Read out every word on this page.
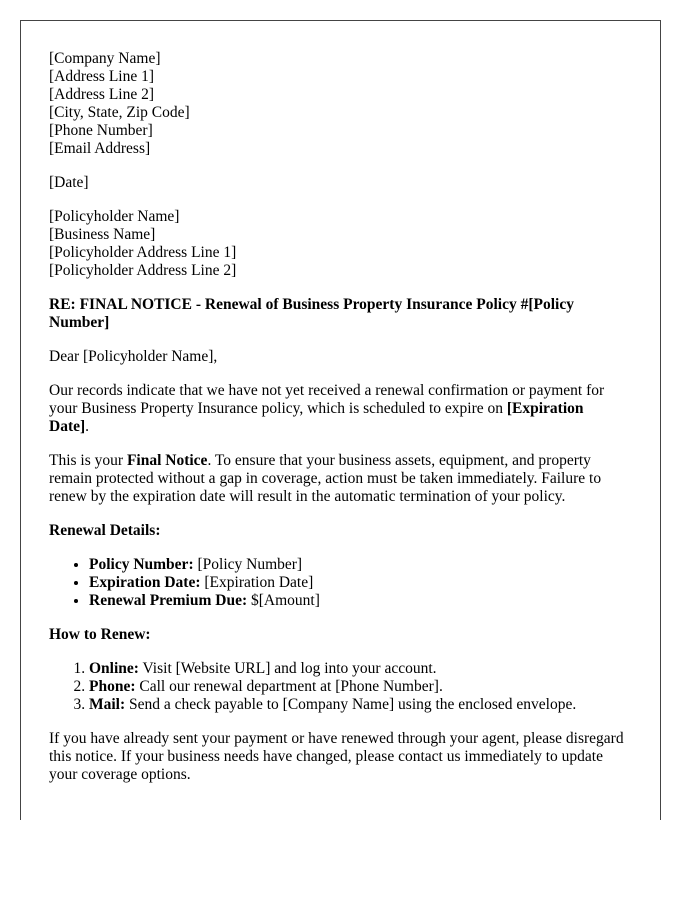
[Company Name]
[Address Line 1]
[Address Line 2]
[City, State, Zip Code]
[Phone Number]
[Email Address]

[Date]

[Policyholder Name]
[Business Name]
[Policyholder Address Line 1]
[Policyholder Address Line 2]

RE: FINAL NOTICE - Renewal of Business Property Insurance Policy #[Policy Number]

Dear [Policyholder Name],

Our records indicate that we have not yet received a renewal confirmation or payment for your Business Property Insurance policy, which is scheduled to expire on [Expiration Date].

This is your Final Notice. To ensure that your business assets, equipment, and property remain protected without a gap in coverage, action must be taken immediately. Failure to renew by the expiration date will result in the automatic termination of your policy.

Renewal Details:

• Policy Number: [Policy Number]
• Expiration Date: [Expiration Date]
• Renewal Premium Due: $[Amount]

How to Renew:

1. Online: Visit [Website URL] and log into your account.
2. Phone: Call our renewal department at [Phone Number].
3. Mail: Send a check payable to [Company Name] using the enclosed envelope.

If you have already sent your payment or have renewed through your agent, please disregard this notice. If your business needs have changed, please contact us immediately to update your coverage options.
